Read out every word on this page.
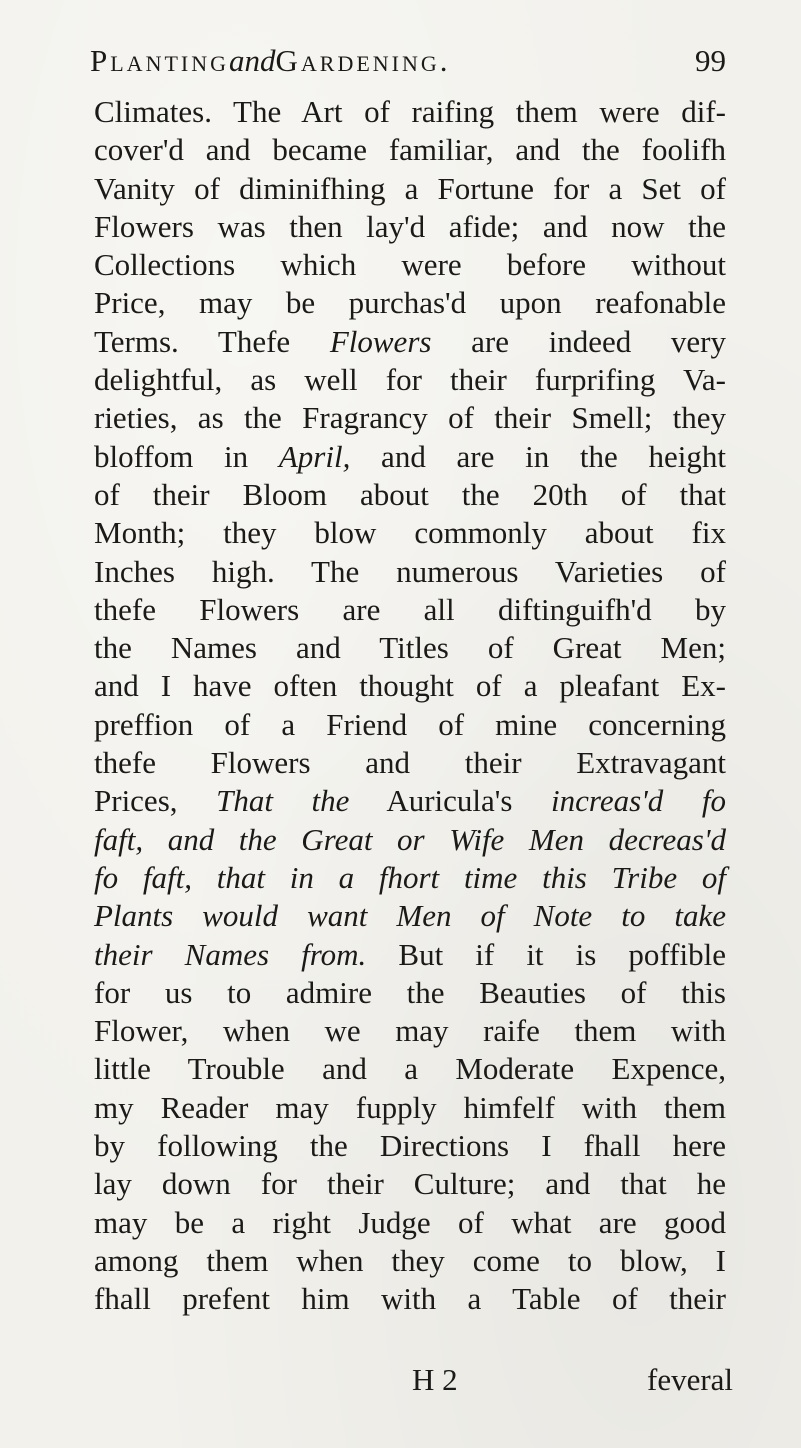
PlantingandGardening.	99
Climates. The Art of raifing them were dif-
cover'd and became familiar, and the foolifh
Vanity of diminifhing a Fortune for a Set of
Flowers was then lay'd afide; and now the
Collections which were before without
Price, may be purchas'd upon reafonable
Terms. Thefe Flowers are indeed very
delightful, as well for their furprifing Va-
rieties, as the Fragrancy of their Smell; they
bloffom in April, and are in the height
of their Bloom about the 20th of that
Month; they blow commonly about fix
Inches high. The numerous Varieties of
thefe Flowers are all diftinguifh'd by
the Names and Titles of Great Men;
and I have often thought of a pleafant Ex-
preffion of a Friend of mine concerning
thefe Flowers and their Extravagant
Prices, That the Auricula's increas'd fo
faft, and the Great or Wife Men decreas'd
fo faft, that in a fhort time this Tribe of
Plants would want Men of Note to take
their Names from. But if it is poffible
for us to admire the Beauties of this
Flower, when we may raife them with
little Trouble and a Moderate Expence,
my Reader may fupply himfelf with them
by following the Directions I fhall here
lay down for their Culture; and that he
may be a right Judge of what are good
among them when they come to blow, I
fhall prefent him with a Table of their
H 2	feveral
